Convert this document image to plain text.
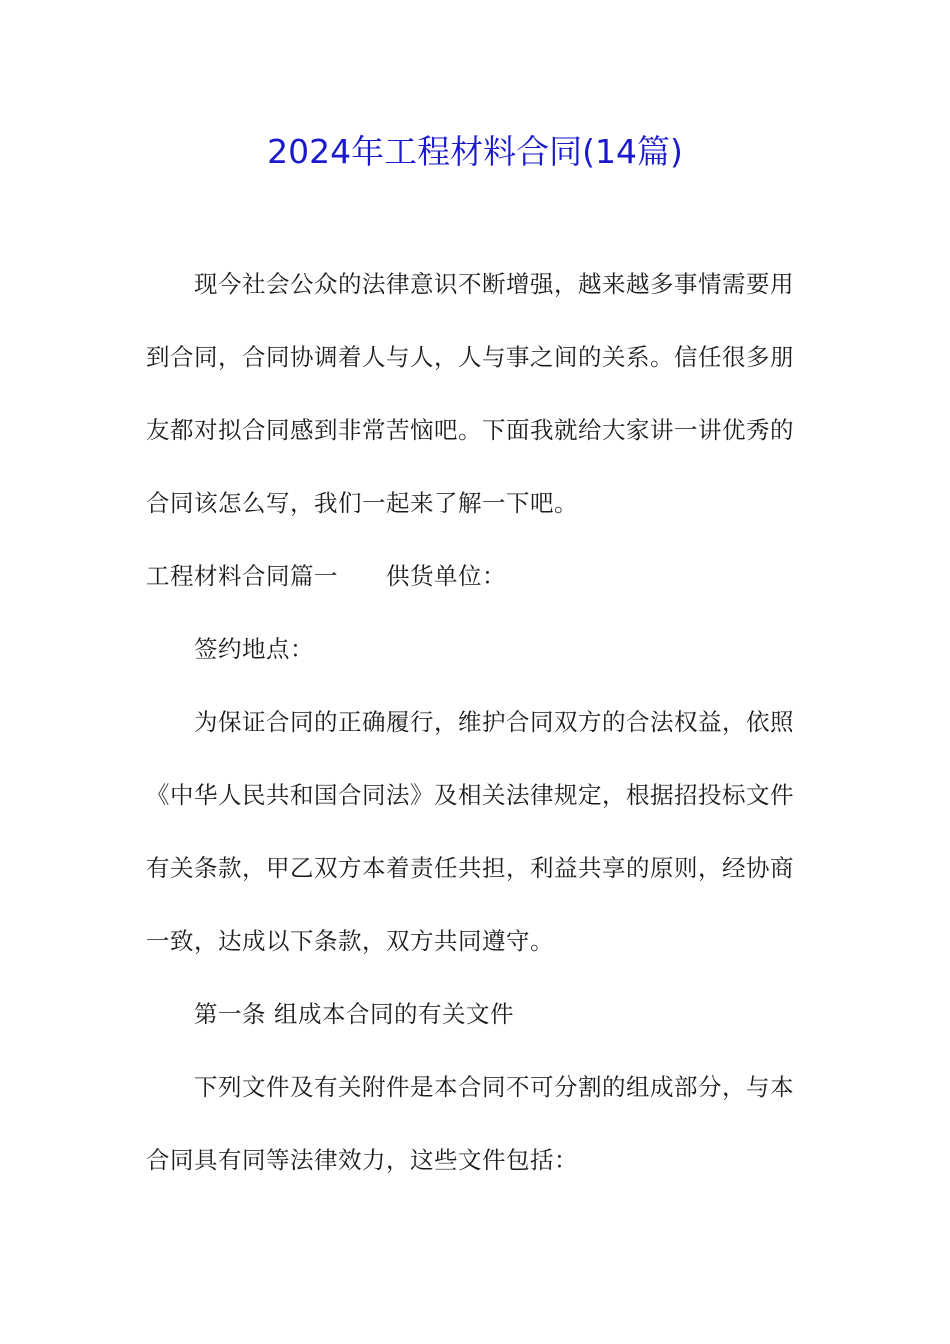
2024年工程材料合同(14篇)
现今社会公众的法律意识不断增强，越来越多事情需要用
到合同，合同协调着人与人，人与事之间的关系。信任很多朋
友都对拟合同感到非常苦恼吧。下面我就给大家讲一讲优秀的
合同该怎么写，我们一起来了解一下吧。
工程材料合同篇一 供货单位：
签约地点：
为保证合同的正确履行，维护合同双方的合法权益，依照
《中华人民共和国合同法》及相关法律规定，根据招投标文件
有关条款，甲乙双方本着责任共担，利益共享的原则，经协商
一致，达成以下条款，双方共同遵守。
第一条 组成本合同的有关文件
下列文件及有关附件是本合同不可分割的组成部分，与本
合同具有同等法律效力，这些文件包括：
